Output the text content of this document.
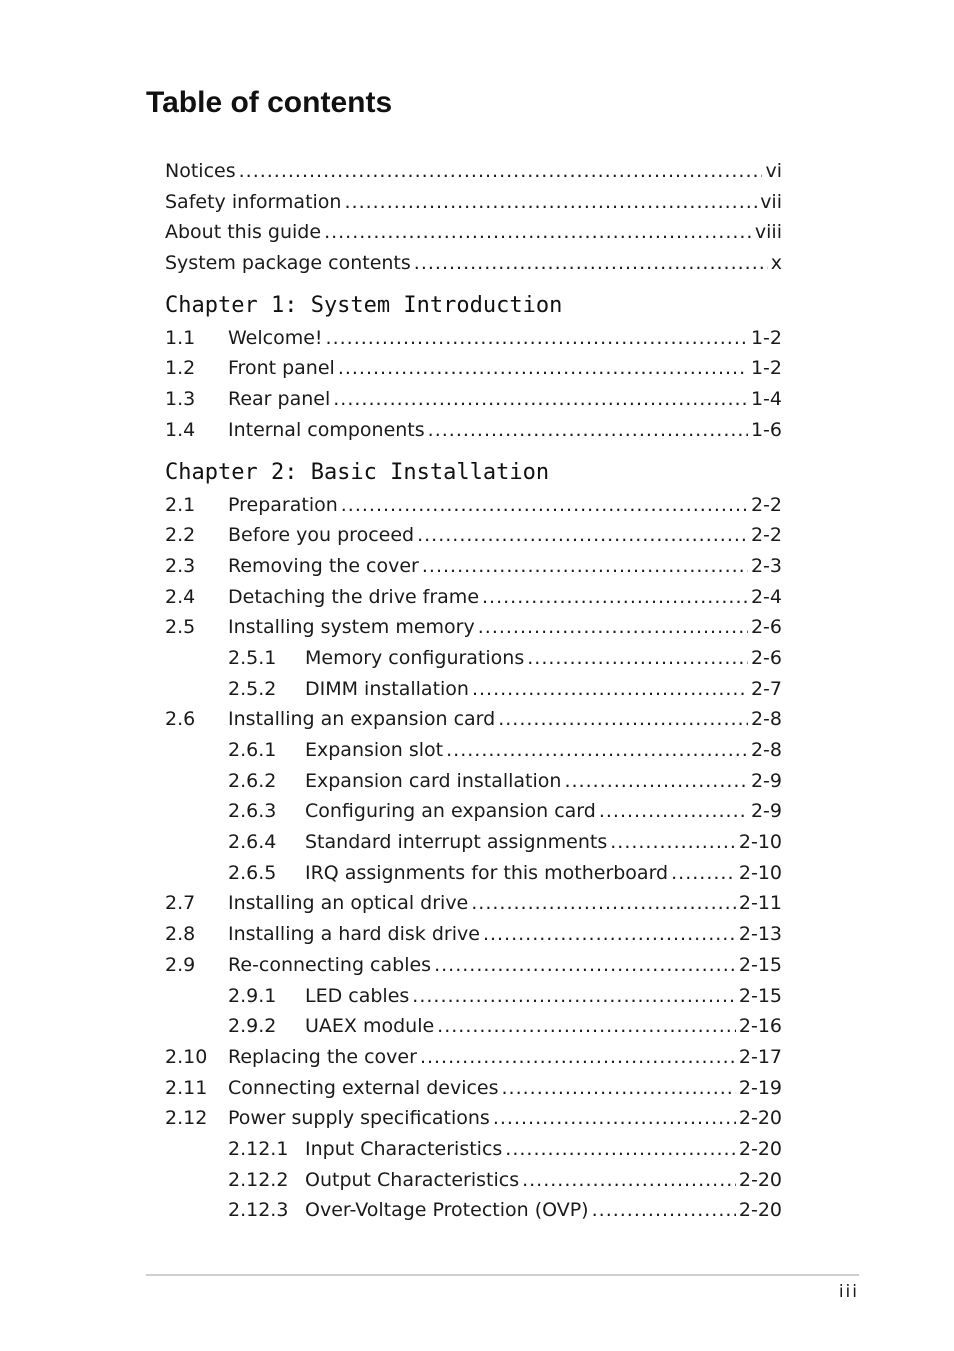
Table of contents
Notices .....	vi
Safety information .....	vii
About this guide .....	viii
System package contents .....	x
Chapter 1: System Introduction
1.1	Welcome! .....	1-2
1.2	Front panel .....	1-2
1.3	Rear panel .....	1-4
1.4	Internal components .....	1-6
Chapter 2: Basic Installation
2.1	Preparation .....	2-2
2.2	Before you proceed .....	2-2
2.3	Removing the cover .....	2-3
2.4	Detaching the drive frame .....	2-4
2.5	Installing system memory .....	2-6
2.5.1	Memory configurations .....	2-6
2.5.2	DIMM installation .....	2-7
2.6	Installing an expansion card .....	2-8
2.6.1	Expansion slot .....	2-8
2.6.2	Expansion card installation .....	2-9
2.6.3	Configuring an expansion card .....	2-9
2.6.4	Standard interrupt assignments .....	2-10
2.6.5	IRQ assignments for this motherboard .....	2-10
2.7	Installing an optical drive .....	2-11
2.8	Installing a hard disk drive .....	2-13
2.9	Re-connecting cables .....	2-15
2.9.1	LED cables .....	2-15
2.9.2	UAEX module .....	2-16
2.10	Replacing the cover .....	2-17
2.11	Connecting external devices .....	2-19
2.12	Power supply specifications .....	2-20
2.12.1 Input Characteristics .....	2-20
2.12.2 Output Characteristics .....	2-20
2.12.3 Over-Voltage Protection (OVP) .....	2-20
iii
